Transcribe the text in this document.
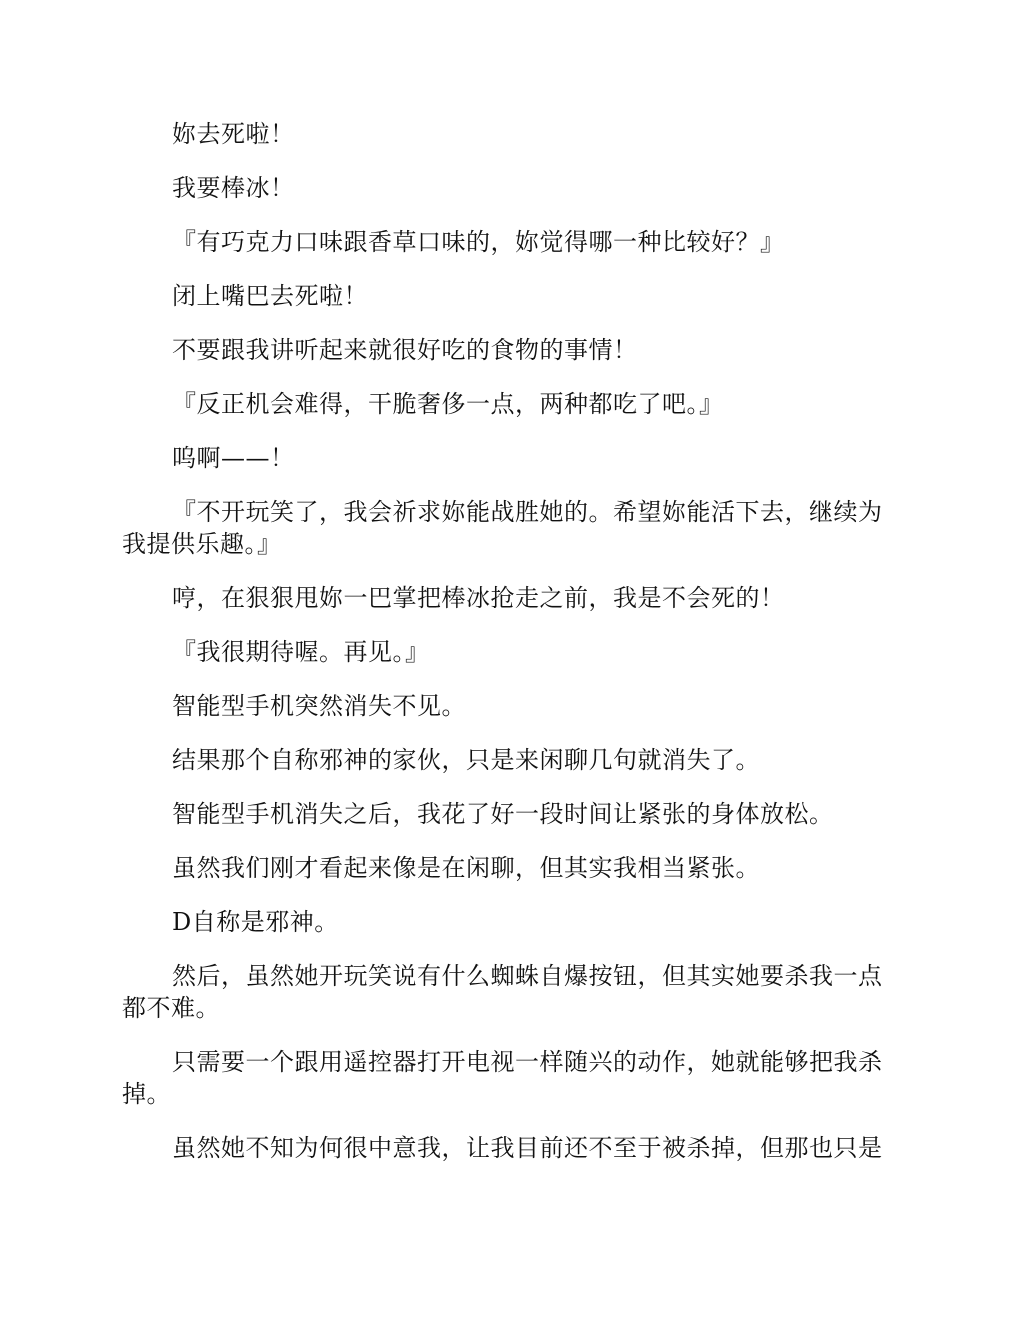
妳去死啦！

我要棒冰！

『有巧克力口味跟香草口味的，妳觉得哪一种比较好？』

闭上嘴巴去死啦！

不要跟我讲听起来就很好吃的食物的事情！

『反正机会难得，干脆奢侈一点，两种都吃了吧。』

呜啊——！

『不开玩笑了，我会祈求妳能战胜她的。希望妳能活下去，继续为我提供乐趣。』

哼，在狠狠甩妳一巴掌把棒冰抢走之前，我是不会死的！

『我很期待喔。再见。』

智能型手机突然消失不见。

结果那个自称邪神的家伙，只是来闲聊几句就消失了。

智能型手机消失之后，我花了好一段时间让紧张的身体放松。

虽然我们刚才看起来像是在闲聊，但其实我相当紧张。

D自称是邪神。

然后，虽然她开玩笑说有什么蜘蛛自爆按钮，但其实她要杀我一点都不难。

只需要一个跟用遥控器打开电视一样随兴的动作，她就能够把我杀掉。

虽然她不知为何很中意我，让我目前还不至于被杀掉，但那也只是
